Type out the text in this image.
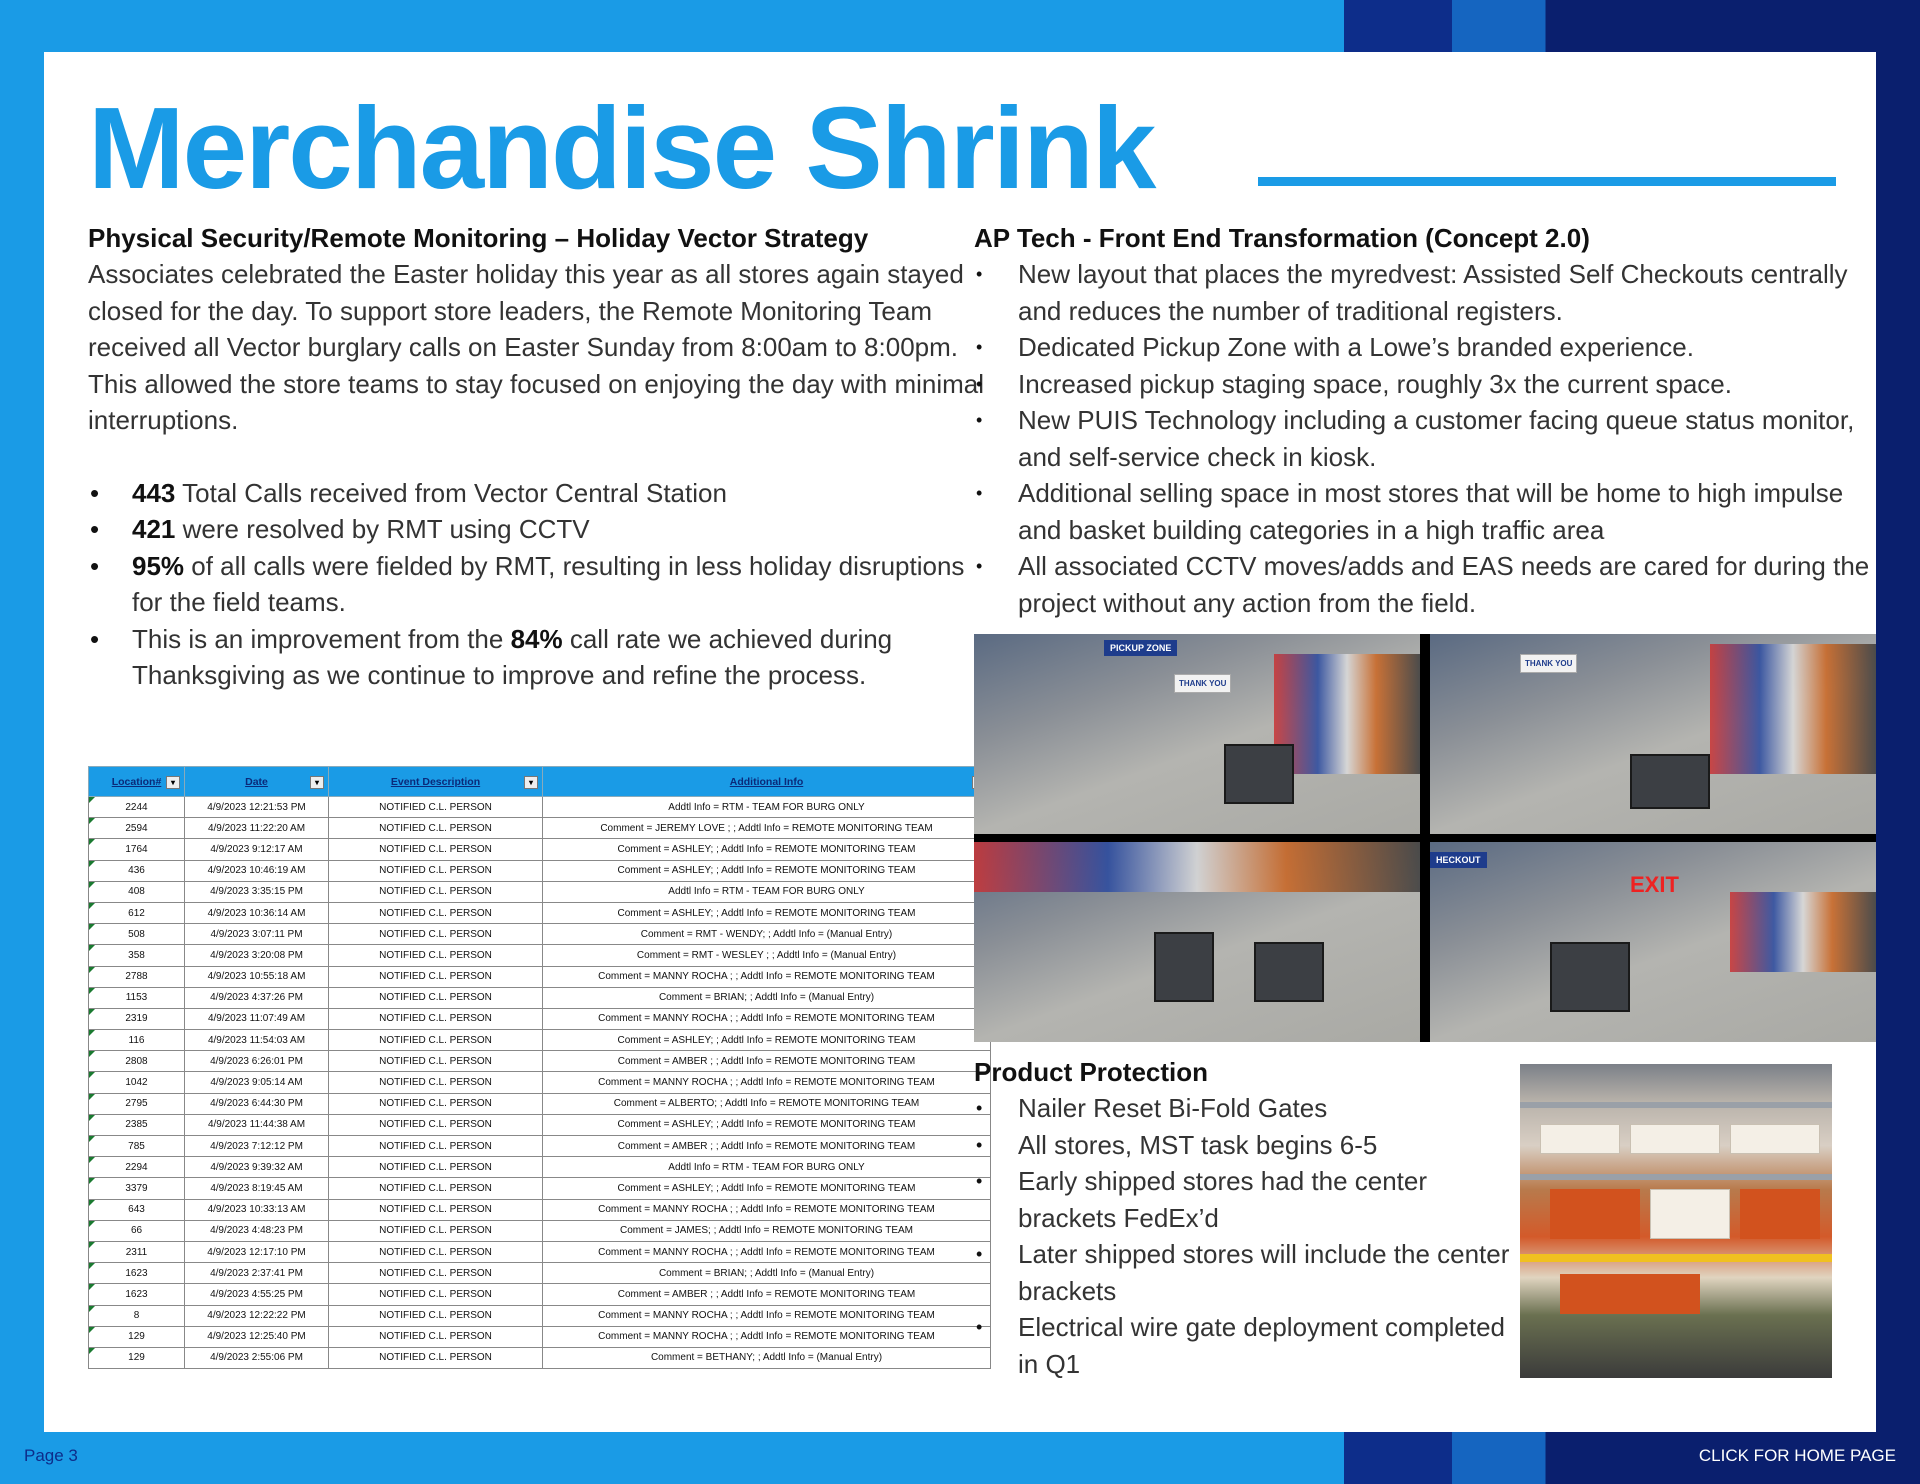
Merchandise Shrink
Physical Security/Remote Monitoring – Holiday Vector Strategy
Associates celebrated the Easter holiday this year as all stores again stayed closed for the day. To support store leaders, the Remote Monitoring Team received all Vector burglary calls on Easter Sunday from 8:00am to 8:00pm. This allowed the store teams to stay focused on enjoying the day with minimal interruptions.
• 443 Total Calls received from Vector Central Station
• 421 were resolved by RMT using CCTV
• 95% of all calls were fielded by RMT, resulting in less holiday disruptions for the field teams.
• This is an improvement from the 84% call rate we achieved during Thanksgiving as we continue to improve and refine the process.
Location# ▾	Date ▾	Event Description ▾	Additional Info

2244	4/9/2023 12:21:53 PM	NOTIFIED C.L. PERSON	Addtl Info = RTM - TEAM FOR BURG ONLY
2594	4/9/2023 11:22:20 AM	NOTIFIED C.L. PERSON	Comment = JEREMY LOVE ; ; Addtl Info = REMOTE MONITORING TEAM
1764	4/9/2023 9:12:17 AM	NOTIFIED C.L. PERSON	Comment = ASHLEY; ; Addtl Info = REMOTE MONITORING TEAM
436	4/9/2023 10:46:19 AM	NOTIFIED C.L. PERSON	Comment = ASHLEY; ; Addtl Info = REMOTE MONITORING TEAM
408	4/9/2023 3:35:15 PM	NOTIFIED C.L. PERSON	Addtl Info = RTM - TEAM FOR BURG ONLY
612	4/9/2023 10:36:14 AM	NOTIFIED C.L. PERSON	Comment = ASHLEY; ; Addtl Info = REMOTE MONITORING TEAM
508	4/9/2023 3:07:11 PM	NOTIFIED C.L. PERSON	Comment = RMT - WENDY; ; Addtl Info = (Manual Entry)
358	4/9/2023 3:20:08 PM	NOTIFIED C.L. PERSON	Comment = RMT - WESLEY ; ; Addtl Info = (Manual Entry)
2788	4/9/2023 10:55:18 AM	NOTIFIED C.L. PERSON	Comment = MANNY ROCHA ; ; Addtl Info = REMOTE MONITORING TEAM
1153	4/9/2023 4:37:26 PM	NOTIFIED C.L. PERSON	Comment = BRIAN; ; Addtl Info = (Manual Entry)
2319	4/9/2023 11:07:49 AM	NOTIFIED C.L. PERSON	Comment = MANNY ROCHA ; ; Addtl Info = REMOTE MONITORING TEAM
116	4/9/2023 11:54:03 AM	NOTIFIED C.L. PERSON	Comment = ASHLEY; ; Addtl Info = REMOTE MONITORING TEAM
2808	4/9/2023 6:26:01 PM	NOTIFIED C.L. PERSON	Comment = AMBER ; ; Addtl Info = REMOTE MONITORING TEAM
1042	4/9/2023 9:05:14 AM	NOTIFIED C.L. PERSON	Comment = MANNY ROCHA ; ; Addtl Info = REMOTE MONITORING TEAM
2795	4/9/2023 6:44:30 PM	NOTIFIED C.L. PERSON	Comment = ALBERTO; ; Addtl Info = REMOTE MONITORING TEAM
2385	4/9/2023 11:44:38 AM	NOTIFIED C.L. PERSON	Comment = ASHLEY; ; Addtl Info = REMOTE MONITORING TEAM
785	4/9/2023 7:12:12 PM	NOTIFIED C.L. PERSON	Comment = AMBER ; ; Addtl Info = REMOTE MONITORING TEAM
2294	4/9/2023 9:39:32 AM	NOTIFIED C.L. PERSON	Addtl Info = RTM - TEAM FOR BURG ONLY
3379	4/9/2023 8:19:45 AM	NOTIFIED C.L. PERSON	Comment = ASHLEY; ; Addtl Info = REMOTE MONITORING TEAM
643	4/9/2023 10:33:13 AM	NOTIFIED C.L. PERSON	Comment = MANNY ROCHA ; ; Addtl Info = REMOTE MONITORING TEAM
66	4/9/2023 4:48:23 PM	NOTIFIED C.L. PERSON	Comment = JAMES; ; Addtl Info = REMOTE MONITORING TEAM
2311	4/9/2023 12:17:10 PM	NOTIFIED C.L. PERSON	Comment = MANNY ROCHA ; ; Addtl Info = REMOTE MONITORING TEAM
1623	4/9/2023 2:37:41 PM	NOTIFIED C.L. PERSON	Comment = BRIAN; ; Addtl Info = (Manual Entry)
1623	4/9/2023 4:55:25 PM	NOTIFIED C.L. PERSON	Comment = AMBER ; ; Addtl Info = REMOTE MONITORING TEAM
8	4/9/2023 12:22:22 PM	NOTIFIED C.L. PERSON	Comment = MANNY ROCHA ; ; Addtl Info = REMOTE MONITORING TEAM
129	4/9/2023 12:25:40 PM	NOTIFIED C.L. PERSON	Comment = MANNY ROCHA ; ; Addtl Info = REMOTE MONITORING TEAM
129	4/9/2023 2:55:06 PM	NOTIFIED C.L. PERSON	Comment = BETHANY; ; Addtl Info = (Manual Entry)
AP Tech - Front End Transformation (Concept 2.0)
• New layout that places the myredvest: Assisted Self Checkouts centrally and reduces the number of traditional registers.
• Dedicated Pickup Zone with a Lowe’s branded experience.
• Increased pickup staging space, roughly 3x the current space.
• New PUIS Technology including a customer facing queue status monitor, and self-service check in kiosk.
• Additional selling space in most stores that will be home to high impulse and basket building categories in a high traffic area
• All associated CCTV moves/adds and EAS needs are cared for during the project without any action from the field.
PICKUP ZONE
THANK YOU
THANK YOU
HECKOUT
EXIT
Product Protection
• Nailer Reset Bi-Fold Gates
• All stores, MST task begins 6-5
• Early shipped stores had the center brackets FedEx’d
• Later shipped stores will include the center brackets
• Electrical wire gate deployment completed in Q1
Page 3	CLICK FOR HOME PAGE
